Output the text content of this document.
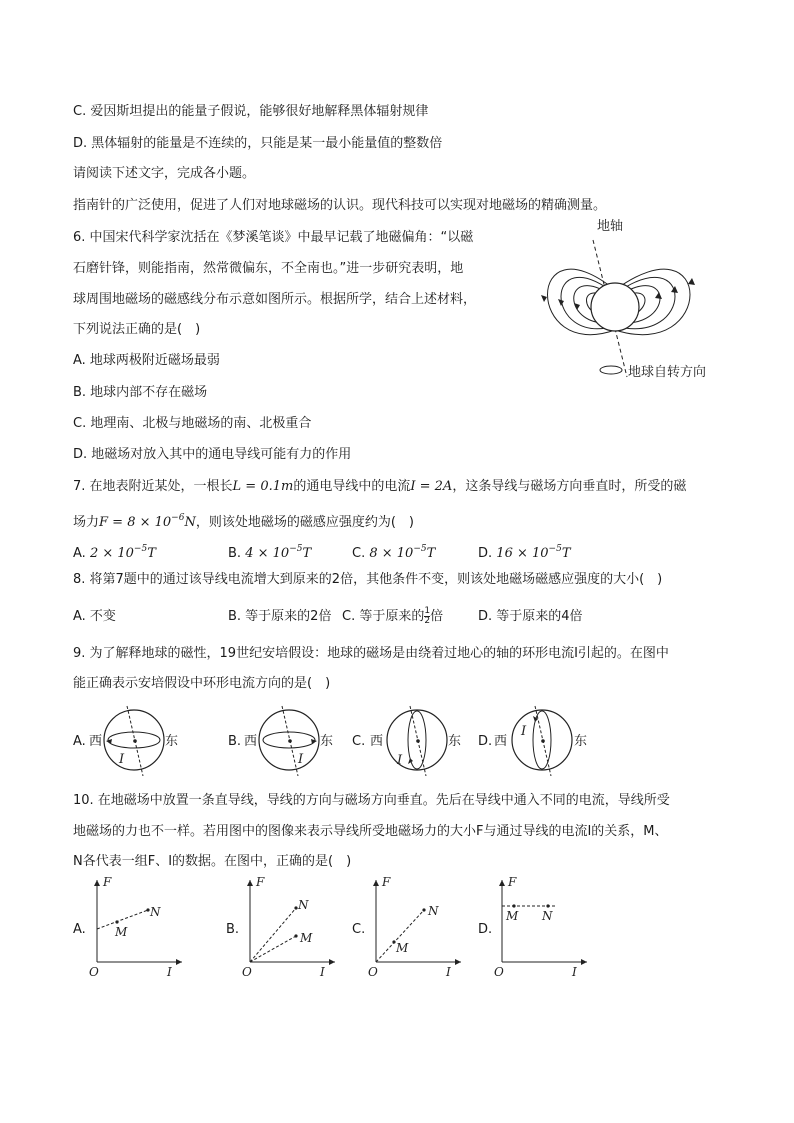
C. 爱因斯坦提出的能量子假说，能够很好地解释黑体辐射规律
D. 黑体辐射的能量是不连续的，只能是某一最小能量值的整数倍
请阅读下述文字，完成各小题。
指南针的广泛使用，促进了人们对地球磁场的认识。现代科技可以实现对地磁场的精确测量。
6. 中国宋代科学家沈括在《梦溪笔谈》中最早记载了地磁偏角：“以磁
石磨针锋，则能指南，然常微偏东，不全南也。”进一步研究表明，地
球周围地磁场的磁感线分布示意如图所示。根据所学，结合上述材料，
下列说法正确的是(　)
A. 地球两极附近磁场最弱
B. 地球内部不存在磁场
C. 地理南、北极与地磁场的南、北极重合
D. 地磁场对放入其中的通电导线可能有力的作用
地轴
地球自转方向
7. 在地表附近某处，一根长L = 0.1m的通电导线中的电流I = 2A，这条导线与磁场方向垂直时，所受的磁
场力$F = 8 \times 10^{-6}N$，则该处地磁场的磁感应强度约为(　)
A. $2 \times 10^{-5}T$	B. $4 \times 10^{-5}T$	C. $8 \times 10^{-5}T$	D. $16 \times 10^{-5}T$
8. 将第7题中的通过该导线电流增大到原来的2倍，其他条件不变，则该处地磁场磁感应强度的大小(　)
A. 不变	B. 等于原来的2倍 C. 等于原来的 $\frac{1}{2}$ 倍	D. 等于原来的4倍
9. 为了解释地球的磁性，19世纪安培假设：地球的磁场是由绕着过地心的轴的环形电流I引起的。在图中
能正确表示安培假设中环形电流方向的是(　)
A. 西	东
I
B. 西	东
I
C. 西	东
I
D. 西	东
I
10. 在地磁场中放置一条直导线，导线的方向与磁场方向垂直。先后在导线中通入不同的电流，导线所受
地磁场的力也不一样。若用图中的图像来表示导线所受地磁场力的大小F与通过导线的电流I的关系，M、
N各代表一组F、I的数据。在图中，正确的是(　)
A.
F
I
O
M
N
B.
F
I
O
N
M
C.
F
I
O
M
N
D.
F
I
O
M N
